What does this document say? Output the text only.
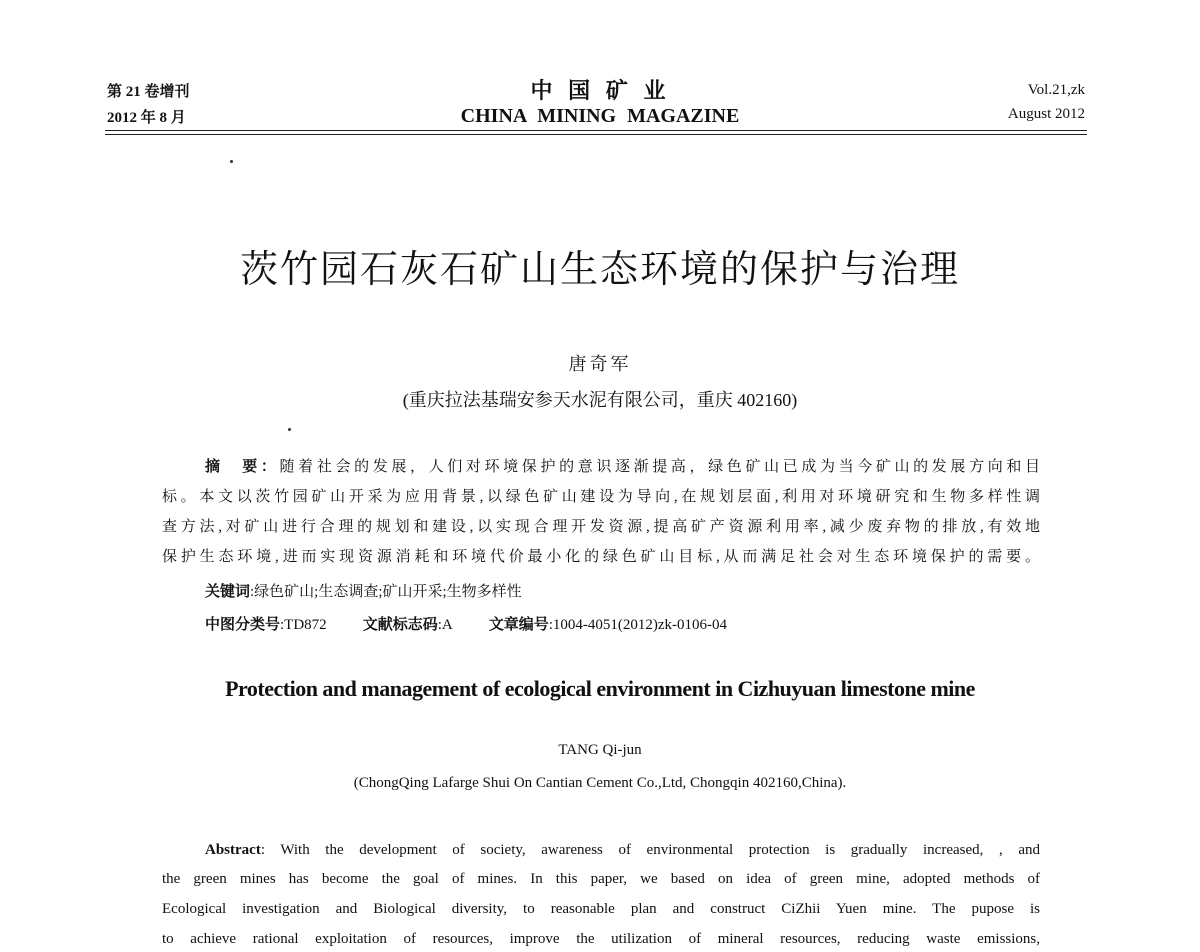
第 21 卷增刊
2012 年 8 月
中 国 矿 业
CHINA MINING MAGAZINE
Vol.21,zk
August 2012
茨竹园石灰石矿山生态环境的保护与治理
唐奇军
(重庆拉法基瑞安参天水泥有限公司，重庆 402160)
摘　要：随着社会的发展，人们对环境保护的意识逐渐提高，绿色矿山已成为当今矿山的发展方向和目
标。本文以茨竹园矿山开采为应用背景,以绿色矿山建设为导向,在规划层面,利用对环境研究和生物多样性调
查方法,对矿山进行合理的规划和建设,以实现合理开发资源,提高矿产资源利用率,减少废弃物的排放,有效地
保护生态环境,进而实现资源消耗和环境代价最小化的绿色矿山目标,从而满足社会对生态环境保护的需要。
关键词:绿色矿山;生态调查;矿山开采;生物多样性
中图分类号:TD872 文献标志码:A 文章编号:1004-4051(2012)zk-0106-04
Protection and management of ecological environment in Cizhuyuan limestone mine
TANG Qi-jun
(ChongQing Lafarge Shui On Cantian Cement Co.,Ltd, Chongqin 402160,China).
Abstract: With the development of society, awareness of environmental protection is gradually increased, , and
the green mines has become the goal of mines. In this paper, we based on idea of green mine, adopted methods of
Ecological investigation and Biological diversity, to reasonable plan and construct CiZhii Yuen mine. The pupose is
to achieve rational exploitation of resources, improve the utilization of mineral resources, reducing waste emissions,
